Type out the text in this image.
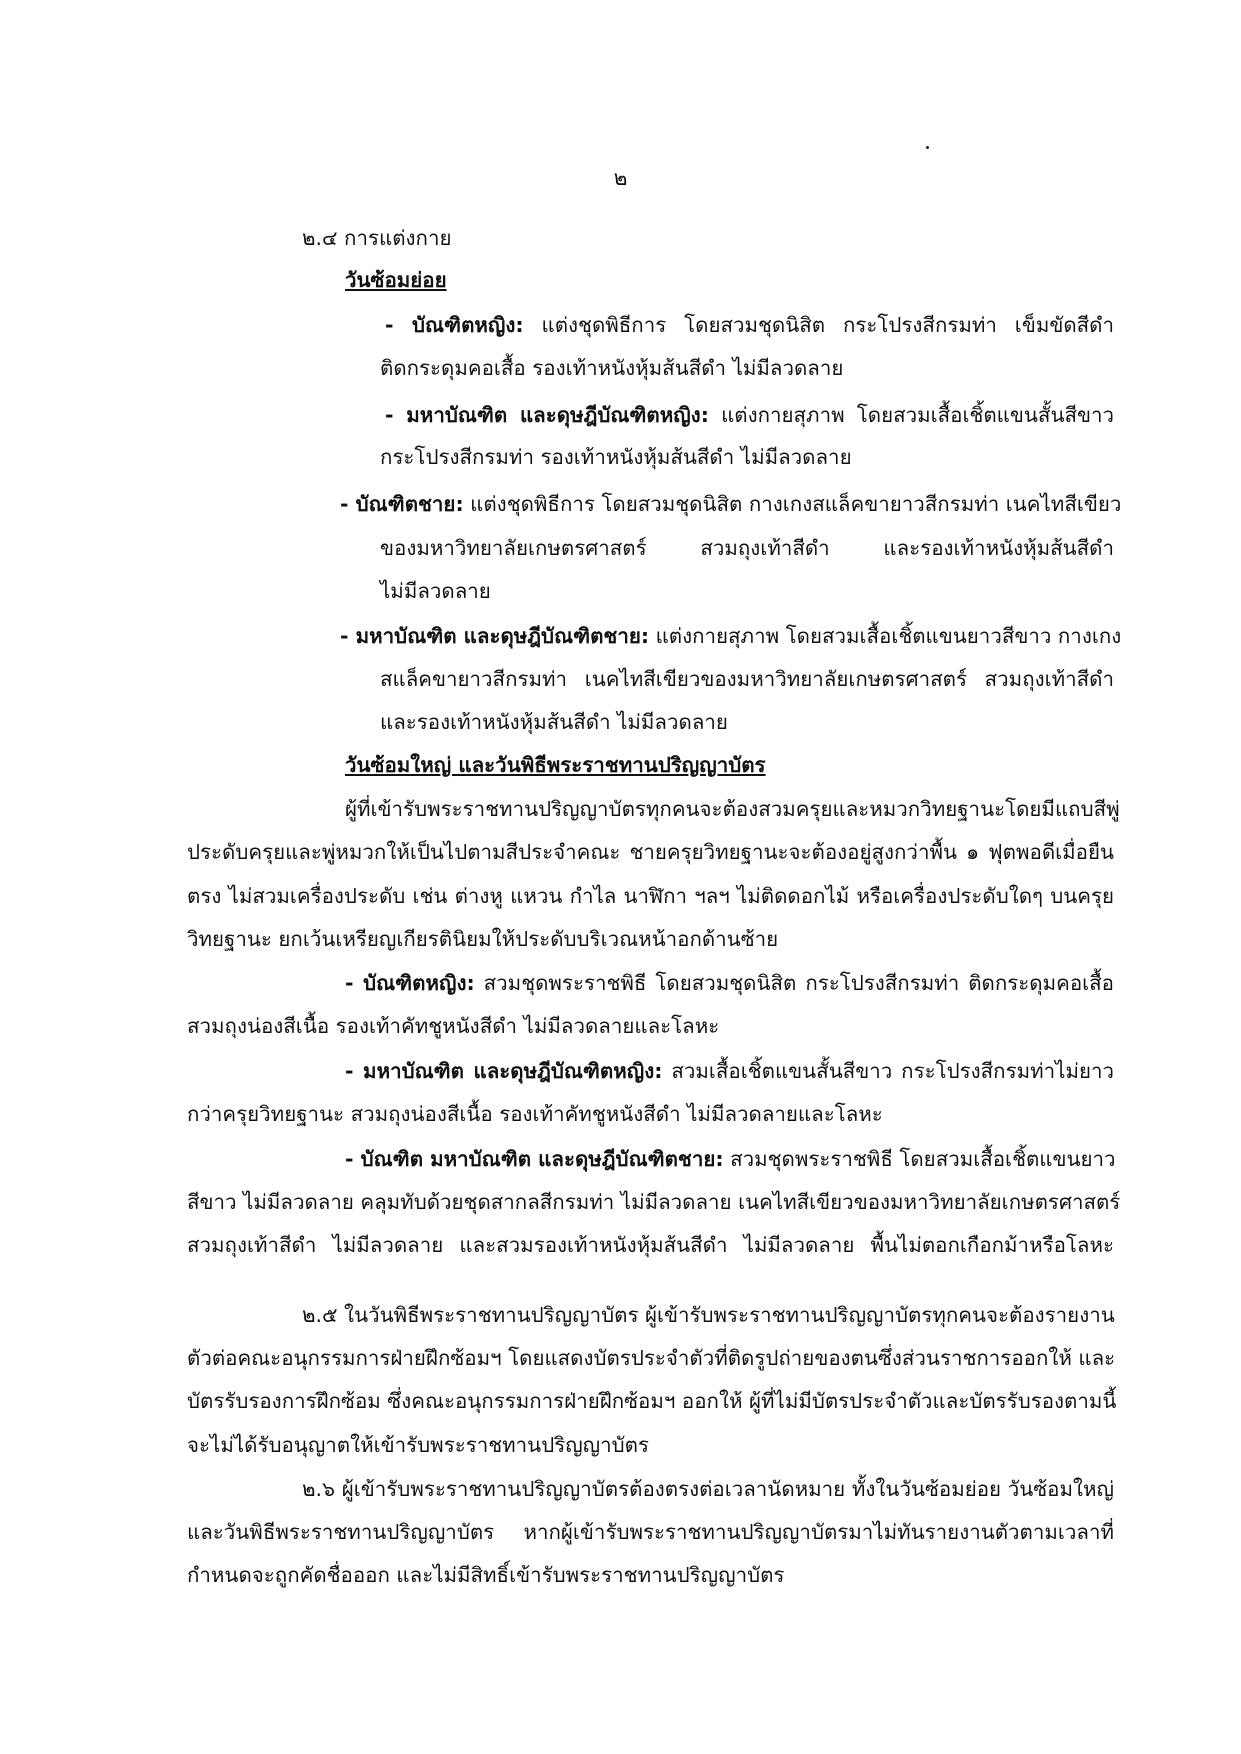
๒
๒.๔ การแต่งกาย
วันซ้อมย่อย
- บัณฑิตหญิง: แต่งชุดพิธีการ โดยสวมชุดนิสิต กระโปรงสีกรมท่า เข็มขัดสีดำ
ติดกระดุมคอเสื้อ รองเท้าหนังหุ้มส้นสีดำ ไม่มีลวดลาย
- มหาบัณฑิต และดุษฎีบัณฑิตหญิง: แต่งกายสุภาพ โดยสวมเสื้อเชิ้ตแขนสั้นสีขาว
กระโปรงสีกรมท่า รองเท้าหนังหุ้มส้นสีดำ ไม่มีลวดลาย
- บัณฑิตชาย: แต่งชุดพิธีการ โดยสวมชุดนิสิต กางเกงสแล็คขายาวสีกรมท่า เนคไทสีเขียว
ของมหาวิทยาลัยเกษตรศาสตร์ สวมถุงเท้าสีดำ และรองเท้าหนังหุ้มส้นสีดำ
ไม่มีลวดลาย
- มหาบัณฑิต และดุษฎีบัณฑิตชาย: แต่งกายสุภาพ โดยสวมเสื้อเชิ้ตแขนยาวสีขาว กางเกง
สแล็คขายาวสีกรมท่า เนคไทสีเขียวของมหาวิทยาลัยเกษตรศาสตร์ สวมถุงเท้าสีดำ
และรองเท้าหนังหุ้มส้นสีดำ ไม่มีลวดลาย
วันซ้อมใหญ่ และวันพิธีพระราชทานปริญญาบัตร
ผู้ที่เข้ารับพระราชทานปริญญาบัตรทุกคนจะต้องสวมครุยและหมวกวิทยฐานะโดยมีแถบสีพู่
ประดับครุยและพู่หมวกให้เป็นไปตามสีประจำคณะ ชายครุยวิทยฐานะจะต้องอยู่สูงกว่าพื้น ๑ ฟุตพอดีเมื่อยืน
ตรง ไม่สวมเครื่องประดับ เช่น ต่างหู แหวน กำไล นาฬิกา ฯลฯ ไม่ติดดอกไม้ หรือเครื่องประดับใดๆ บนครุย
วิทยฐานะ ยกเว้นเหรียญเกียรตินิยมให้ประดับบริเวณหน้าอกด้านซ้าย
- บัณฑิตหญิง: สวมชุดพระราชพิธี โดยสวมชุดนิสิต กระโปรงสีกรมท่า ติดกระดุมคอเสื้อ
สวมถุงน่องสีเนื้อ รองเท้าคัทชูหนังสีดำ ไม่มีลวดลายและโลหะ
- มหาบัณฑิต และดุษฎีบัณฑิตหญิง: สวมเสื้อเชิ้ตแขนสั้นสีขาว กระโปรงสีกรมท่าไม่ยาว
กว่าครุยวิทยฐานะ สวมถุงน่องสีเนื้อ รองเท้าคัทชูหนังสีดำ ไม่มีลวดลายและโลหะ
- บัณฑิต มหาบัณฑิต และดุษฎีบัณฑิตชาย: สวมชุดพระราชพิธี โดยสวมเสื้อเชิ้ตแขนยาว
สีขาว ไม่มีลวดลาย คลุมทับด้วยชุดสากลสีกรมท่า ไม่มีลวดลาย เนคไทสีเขียวของมหาวิทยาลัยเกษตรศาสตร์
สวมถุงเท้าสีดำ ไม่มีลวดลาย และสวมรองเท้าหนังหุ้มส้นสีดำ ไม่มีลวดลาย พื้นไม่ตอกเกือกม้าหรือโลหะ
๒.๕ ในวันพิธีพระราชทานปริญญาบัตร ผู้เข้ารับพระราชทานปริญญาบัตรทุกคนจะต้องรายงาน
ตัวต่อคณะอนุกรรมการฝ่ายฝึกซ้อมฯ โดยแสดงบัตรประจำตัวที่ติดรูปถ่ายของตนซึ่งส่วนราชการออกให้ และ
บัตรรับรองการฝึกซ้อม ซึ่งคณะอนุกรรมการฝ่ายฝึกซ้อมฯ ออกให้ ผู้ที่ไม่มีบัตรประจำตัวและบัตรรับรองตามนี้
จะไม่ได้รับอนุญาตให้เข้ารับพระราชทานปริญญาบัตร
๒.๖ ผู้เข้ารับพระราชทานปริญญาบัตรต้องตรงต่อเวลานัดหมาย ทั้งในวันซ้อมย่อย วันซ้อมใหญ่
และวันพิธีพระราชทานปริญญาบัตร หากผู้เข้ารับพระราชทานปริญญาบัตรมาไม่ทันรายงานตัวตามเวลาที่
กำหนดจะถูกคัดชื่อออก และไม่มีสิทธิ์เข้ารับพระราชทานปริญญาบัตร
